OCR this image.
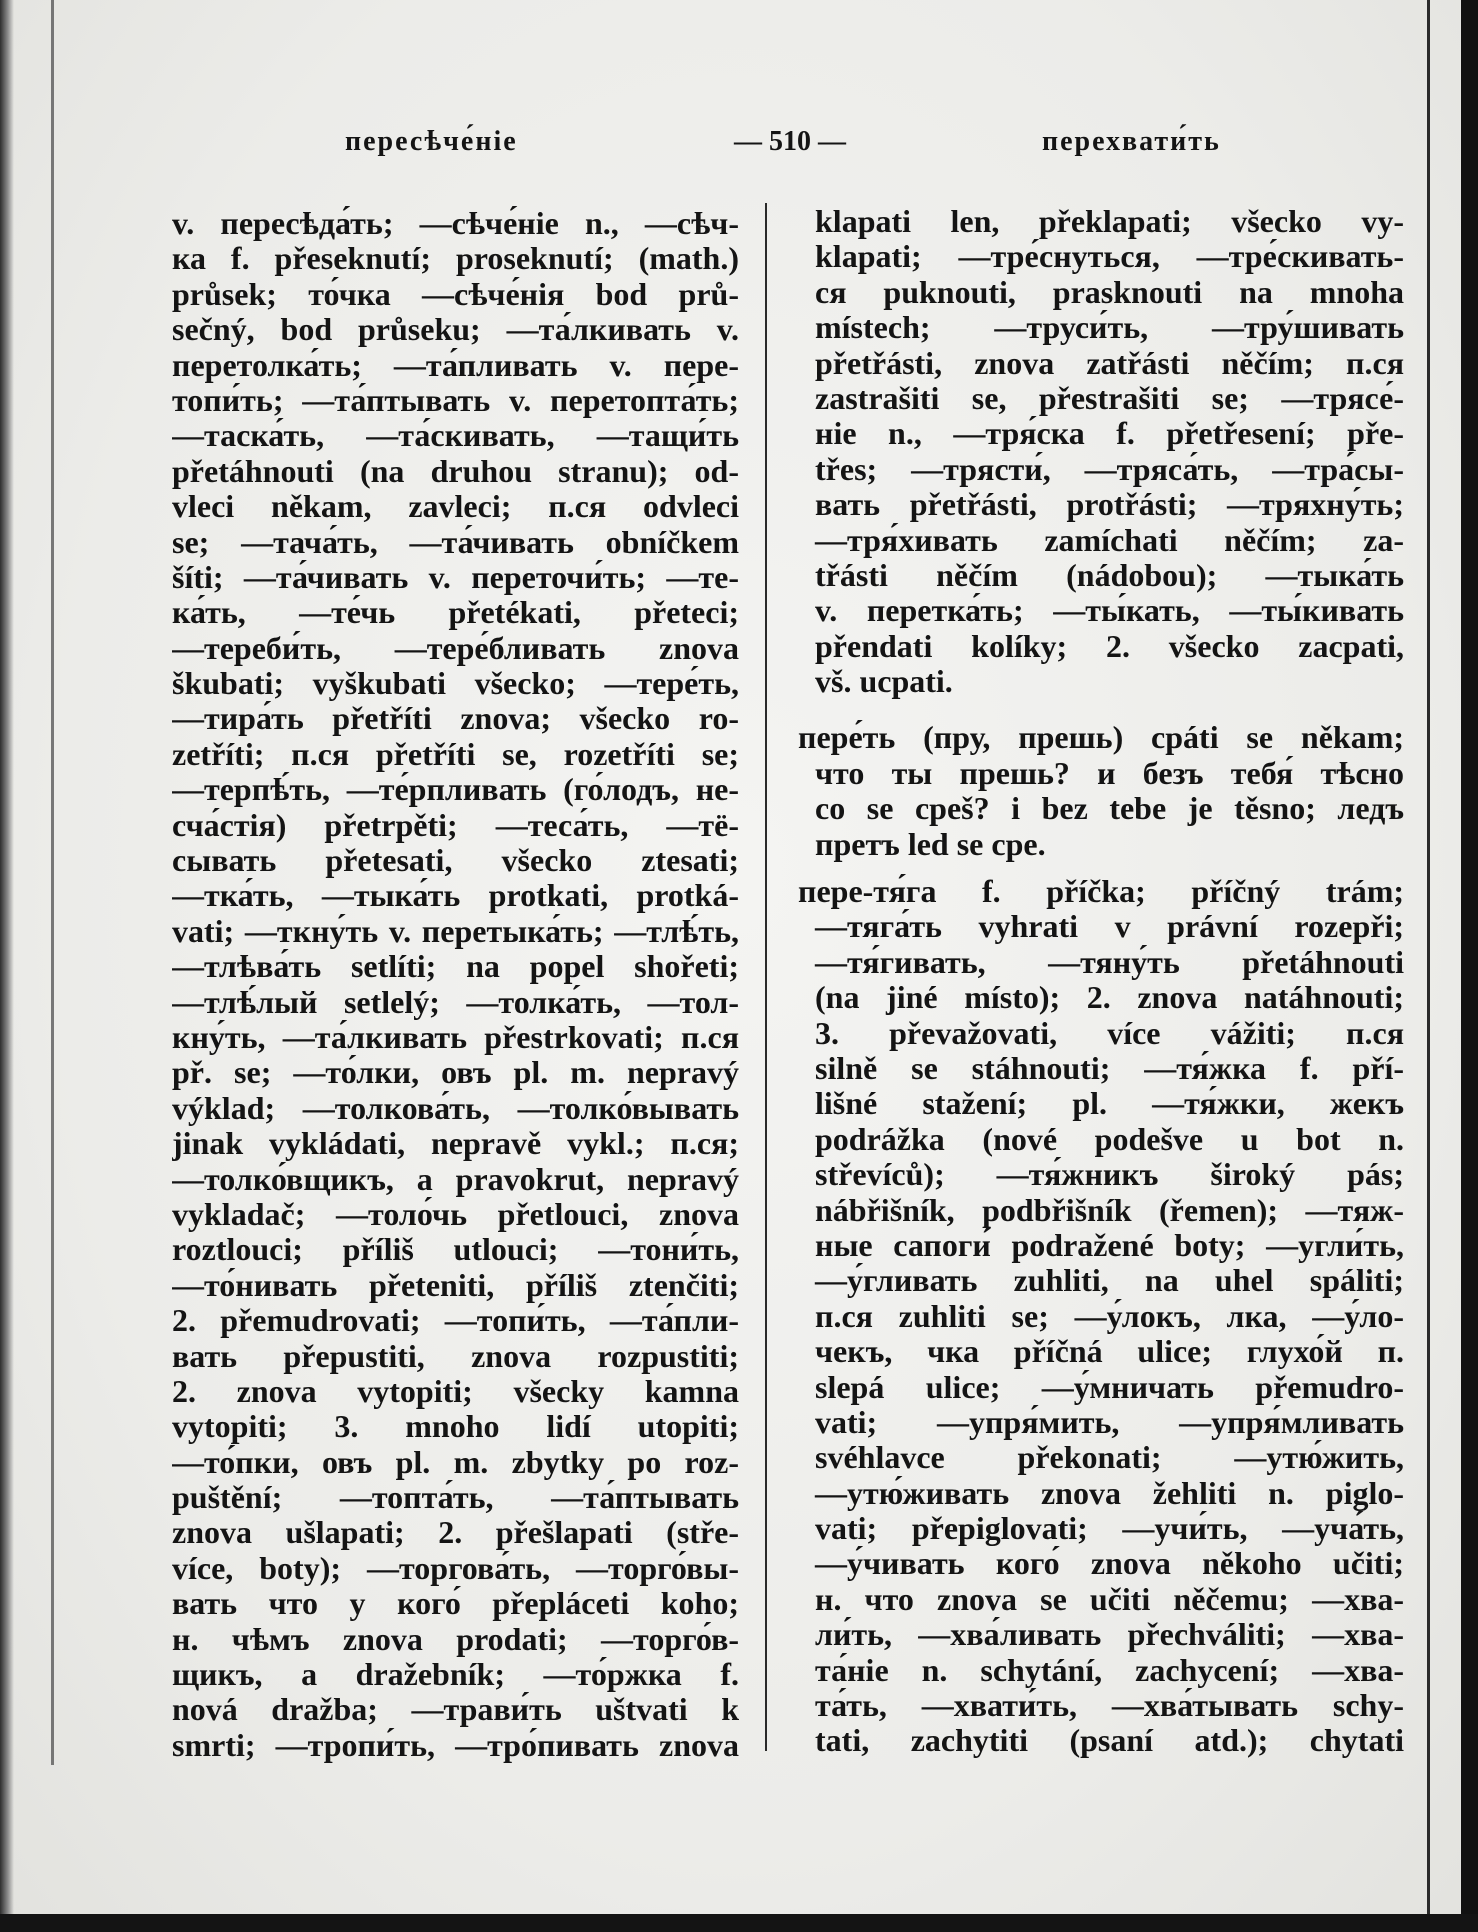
пересѣче́ніе	— 510 —	перехвати́ть
v. пересѣда́ть; —сѣче́ніе n., —сѣч-
ка f. přeseknutí; proseknutí; (math.)
průsek; то́чка —сѣче́нія bod prů-
sečný, bod průseku; —та́лкивать v.
перетолка́ть; —та́пливать v. пере-
топи́ть; —та́птывать v. перетопта́ть;
—таска́ть, —та́скивать, —тащи́ть
přetáhnouti (na druhou stranu); od-
vleci někam, zavleci; п.ся odvleci
se; —тача́ть, —та́чивать obníčkem
šíti; —та́чивать v. переточи́ть; —те-
ка́ть, —те́чь přetékati, přeteci;
—тереби́ть, —тере́бливать znova
škubati; vyškubati všecko; —тере́ть,
—тира́ть přetříti znova; všecko ro-
zetříti; п.ся přetříti se, rozetříti se;
—терпѣ́ть, —те́рпливать (го́лодъ, не-
сча́стія) přetrpěti; —теса́ть, —тё-
сывать přetesati, všecko ztesati;
—тка́ть, —тыка́ть protkati, protká-
vati; —ткну́ть v. перетыка́ть; —тлѣ́ть,
—тлѣва́ть setlíti; na popel shořeti;
—тлѣ́лый setlelý; —толка́ть, —тол-
кну́ть, —та́лкивать přestrkovati; п.ся
př. se; —то́лки, овъ pl. m. nepravý
výklad; —толкова́ть, —толко́вывать
jinak vykládati, nepravě vykl.; п.ся;
—толко́вщикъ, a pravokrut, nepravý
vykladač; —толо́чь přetlouci, znova
roztlouci; příliš utlouci; —тони́ть,
—то́нивать přeteniti, příliš ztenčiti;
2. přemudrovati; —топи́ть, —та́пли-
вать přepustiti, znova rozpustiti;
2. znova vytopiti; všecky kamna
vytopiti; 3. mnoho lidí utopiti;
—то́пки, овъ pl. m. zbytky po roz-
puštění; —топта́ть, —та́птывать
znova ušlapati; 2. přešlapati (stře-
více, boty); —торгова́ть, —торго́вы-
вать что у кого́ přepláceti koho;
н. чѣмъ znova prodati; —торго́в-
щикъ, a dražebník; —то́ржка f.
nová dražba; —трави́ть uštvati k
smrti; —тропи́ть, —тро́пивать znova
klapati len, překlapati; všecko vy-
klapati; —тре́снуться, —тре́скивать-
ся puknouti, prasknouti na mnoha
místech; —труси́ть, —тру́шивать
přetřásti, znova zatřásti něčím; п.ся
zastrašiti se, přestrašiti se; —трясе́-
ніе n., —тря́ска f. přetřesení; pře-
třes; —трясти́, —тряса́ть, —тра́сы-
вать přetřásti, protřásti; —тряхну́ть;
—тря́хивать zamíchati něčím; za-
třásti něčím (nádobou); —тыка́ть
v. перетка́ть; —ты́кать, —ты́кивать
přendati kolíky; 2. všecko zacpati,
vš. ucpati.
пере́ть (пру, прешь) cpáti se někam;
что ты прешь? и безъ тебя́ тѣсно
co se cpeš? i bez tebe je těsno; ледъ
претъ led se cpe.
пере-тя́га f. příčka; příčný trám;
—тяга́ть vyhrati v právní rozepři;
—тя́гивать, —тяну́ть přetáhnouti
(na jiné místo); 2. znova natáhnouti;
3. převažovati, více vážiti; п.ся
silně se stáhnouti; —тя́жка f. pří-
lišné stažení; pl. —тя́жки, жекъ
podrážka (nové podešve u bot n.
střevíců); —тя́жникъ široký pás;
nábřišník, podbřišník (řemen); —тяж-
ные сапоги́ podražené boty; —угли́ть,
—у́гливать zuhliti, na uhel spáliti;
п.ся zuhliti se; —у́локъ, лка, —у́ло-
чекъ, чка příčná ulice; глухо́й п.
slepá ulice; —у́мничать přemudro-
vati; —упря́мить, —упря́мливать
svéhlavce překonati; —утю́жить,
—утю́живать znova žehliti n. piglo-
vati; přepiglovati; —учи́ть, —уча́ть,
—у́чивать кого́ znova někoho učiti;
н. что znova se učiti něčemu; —хва-
ли́ть, —хва́ливать přechváliti; —хва-
та́ніе n. schytání, zachycení; —хва-
та́ть, —хвати́ть, —хва́тывать schy-
tati, zachytiti (psaní atd.); chytati
